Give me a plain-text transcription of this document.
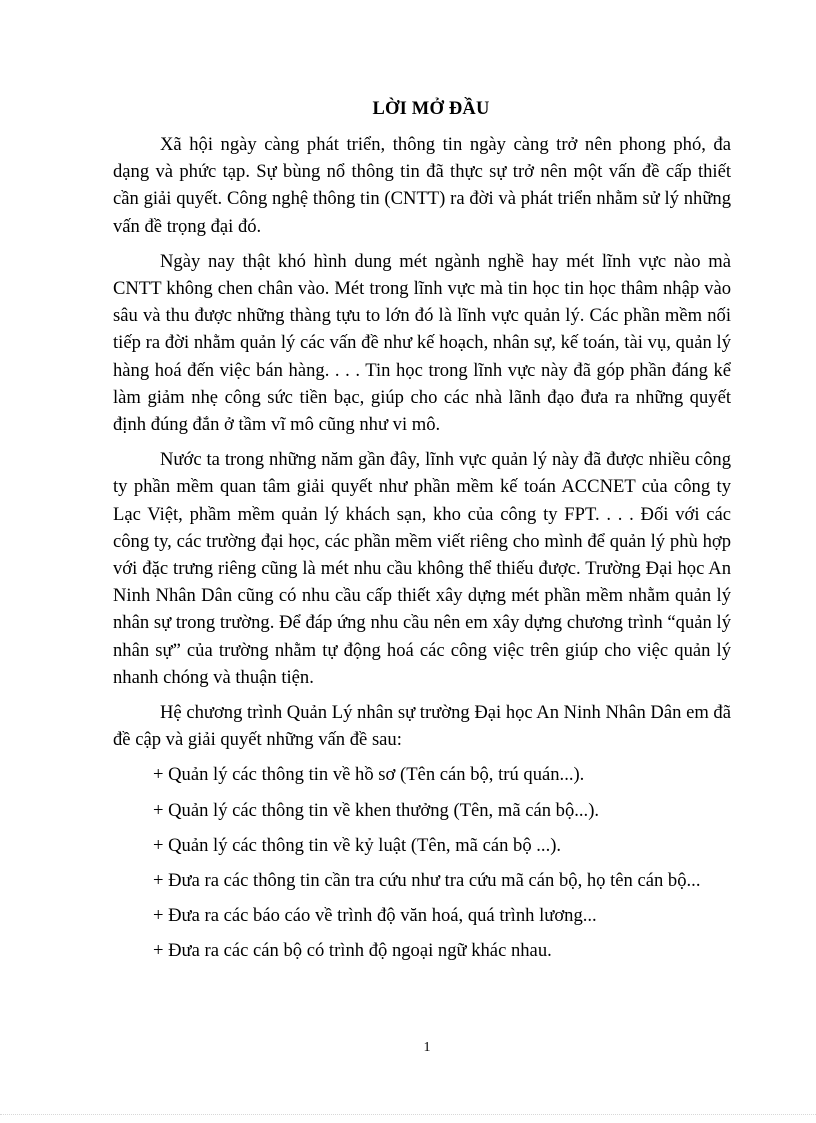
LỜI MỞ ĐẦU

Xã hội ngày càng phát triển, thông tin ngày càng trở nên phong phó, đa dạng và phức tạp. Sự bùng nổ thông tin đã thực sự trở nên một vấn đề cấp thiết cần giải quyết. Công nghệ thông tin (CNTT) ra đời và phát triển nhằm sử lý những vấn đề trọng đại đó.

Ngày nay thật khó hình dung mét ngành nghề hay mét lĩnh vực nào mà CNTT không chen chân vào. Mét trong lĩnh vực mà tin học tin học thâm nhập vào sâu và thu được những thàng tựu to lớn đó là lĩnh vực quản lý. Các phần mềm nối tiếp ra đời nhằm quản lý các vấn đề như kế hoạch, nhân sự, kế toán, tài vụ, quản lý hàng hoá đến việc bán hàng. . . . Tin học trong lĩnh vực này đã góp phần đáng kể làm giảm nhẹ công sức tiền bạc, giúp cho các nhà lãnh đạo đưa ra những quyết định đúng đắn ở tầm vĩ mô cũng như vi mô.

Nước ta trong những năm gần đây, lĩnh vực quản lý này đã được nhiều công ty phần mềm quan tâm giải quyết như phần mềm kế toán ACCNET của công ty Lạc Việt, phầm mềm quản lý khách sạn, kho của công ty FPT. . . . Đối với các công ty, các trường đại học, các phần mềm viết riêng cho mình để quản lý phù hợp với đặc trưng riêng cũng là mét nhu cầu không thể thiếu được. Trường Đại học An Ninh Nhân Dân cũng có nhu cầu cấp thiết xây dựng mét phần mềm nhằm quản lý nhân sự trong trường. Để đáp ứng nhu cầu nên em xây dựng chương trình “quản lý nhân sự” của trường nhằm tự động hoá các công việc trên giúp cho việc quản lý nhanh chóng và thuận tiện.

Hệ chương trình Quản Lý nhân sự trường Đại học An Ninh Nhân Dân em đã đề cập và giải quyết những vấn đề sau:

+ Quản lý các thông tin về hồ sơ (Tên cán bộ, trú quán...).
+ Quản lý các thông tin về khen thưởng (Tên, mã cán bộ...).
+ Quản lý các thông tin về kỷ luật (Tên, mã cán bộ ...).
+ Đưa ra các thông tin cần tra cứu như tra cứu mã cán bộ, họ tên cán bộ...
+ Đưa ra các báo cáo về trình độ văn hoá, quá trình lương...
+ Đưa ra các cán bộ có trình độ ngoại ngữ khác nhau.
1
